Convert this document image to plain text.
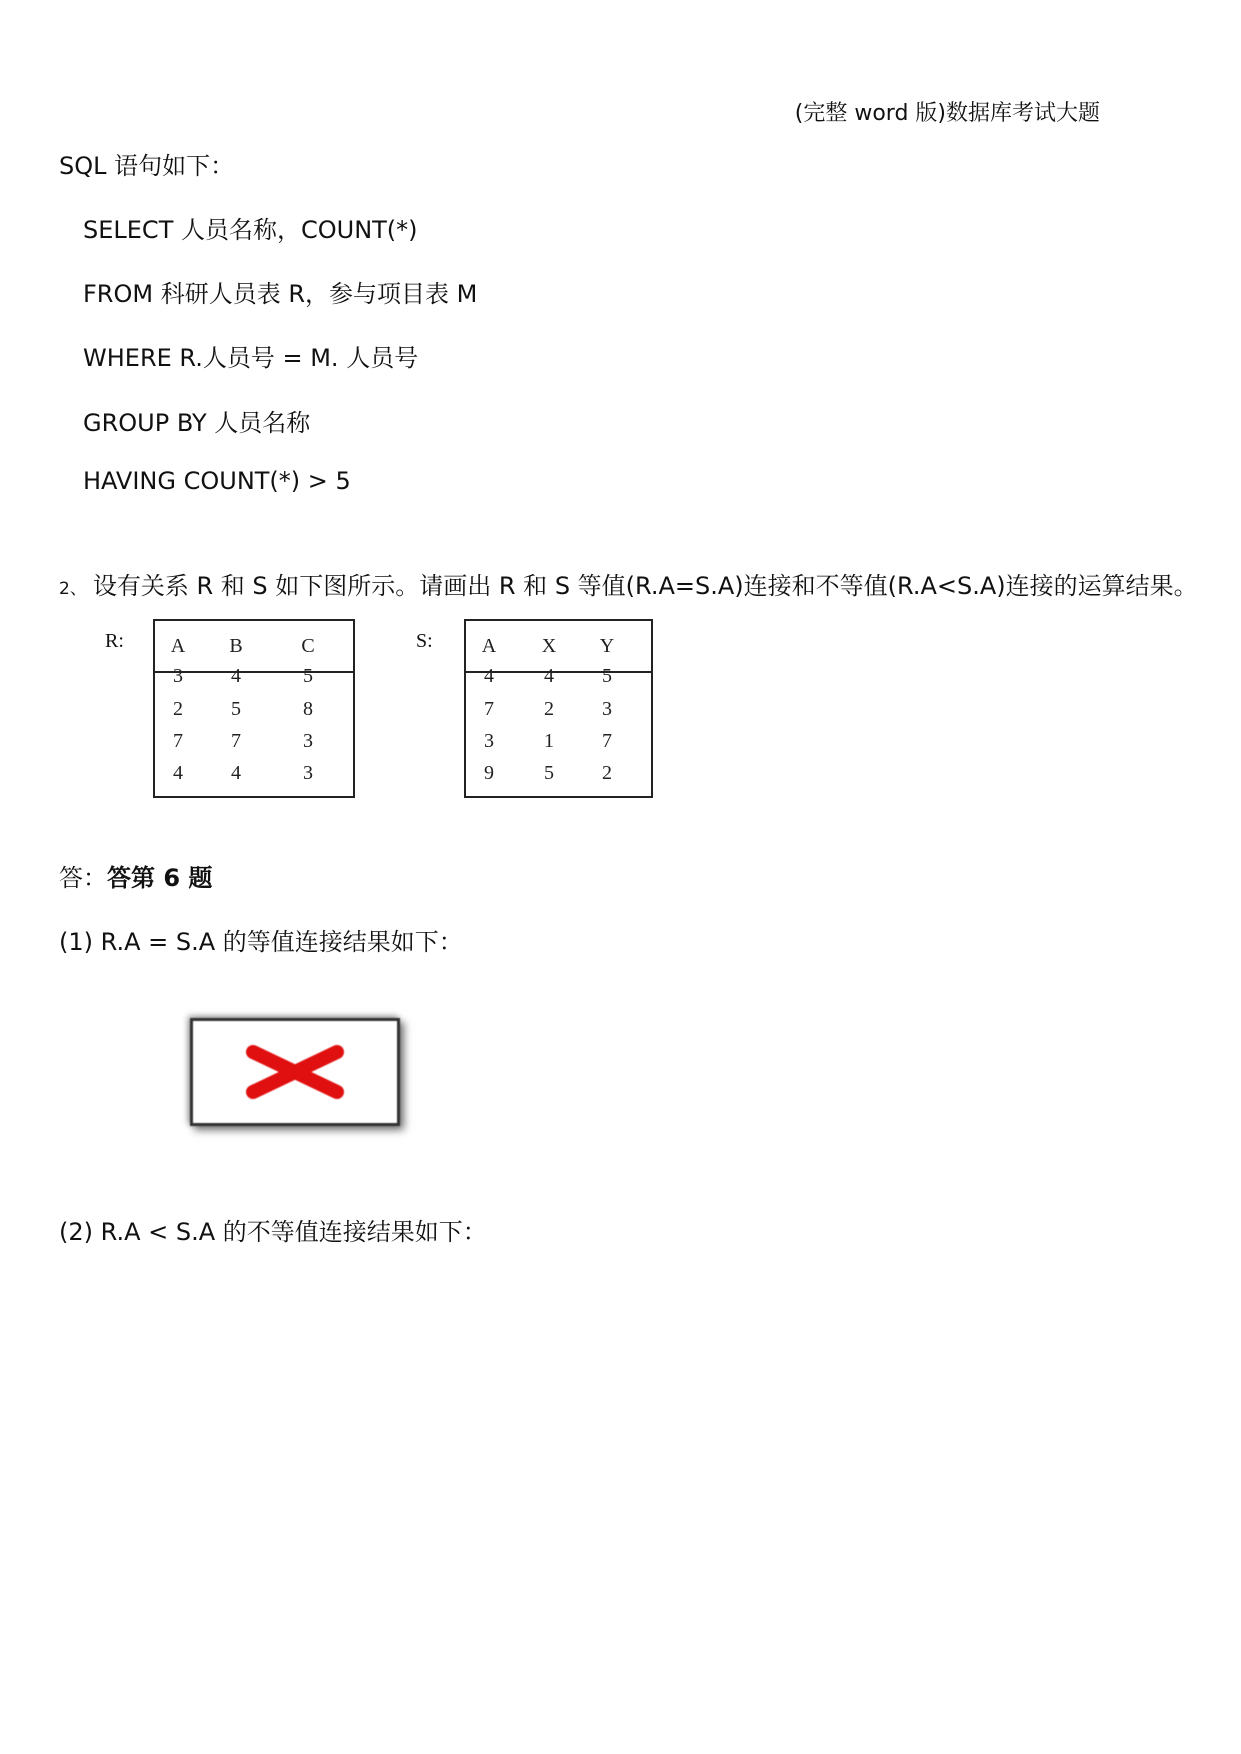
(完整 word 版)数据库考试大题
SQL 语句如下：
SELECT 人员名称，COUNT(*)
FROM 科研人员表 R，参与项目表 M
WHERE R.人员号 = M. 人员号
GROUP BY 人员名称
HAVING COUNT(*) > 5
2、 设有关系 R 和 S 如下图所示。请画出 R 和 S 等值(R.A=S.A)连接和不等值(R.A<S.A)连接的运算结果。
R:	A	B	C
3	4	5
2	5	8
7	7	3
4	4	3
S:	A	X	Y
4	4	5
7	2	3
3	1	7
9	5	2
答：答第 6 题
(1) R.A = S.A 的等值连接结果如下：
(2) R.A < S.A 的不等值连接结果如下：
